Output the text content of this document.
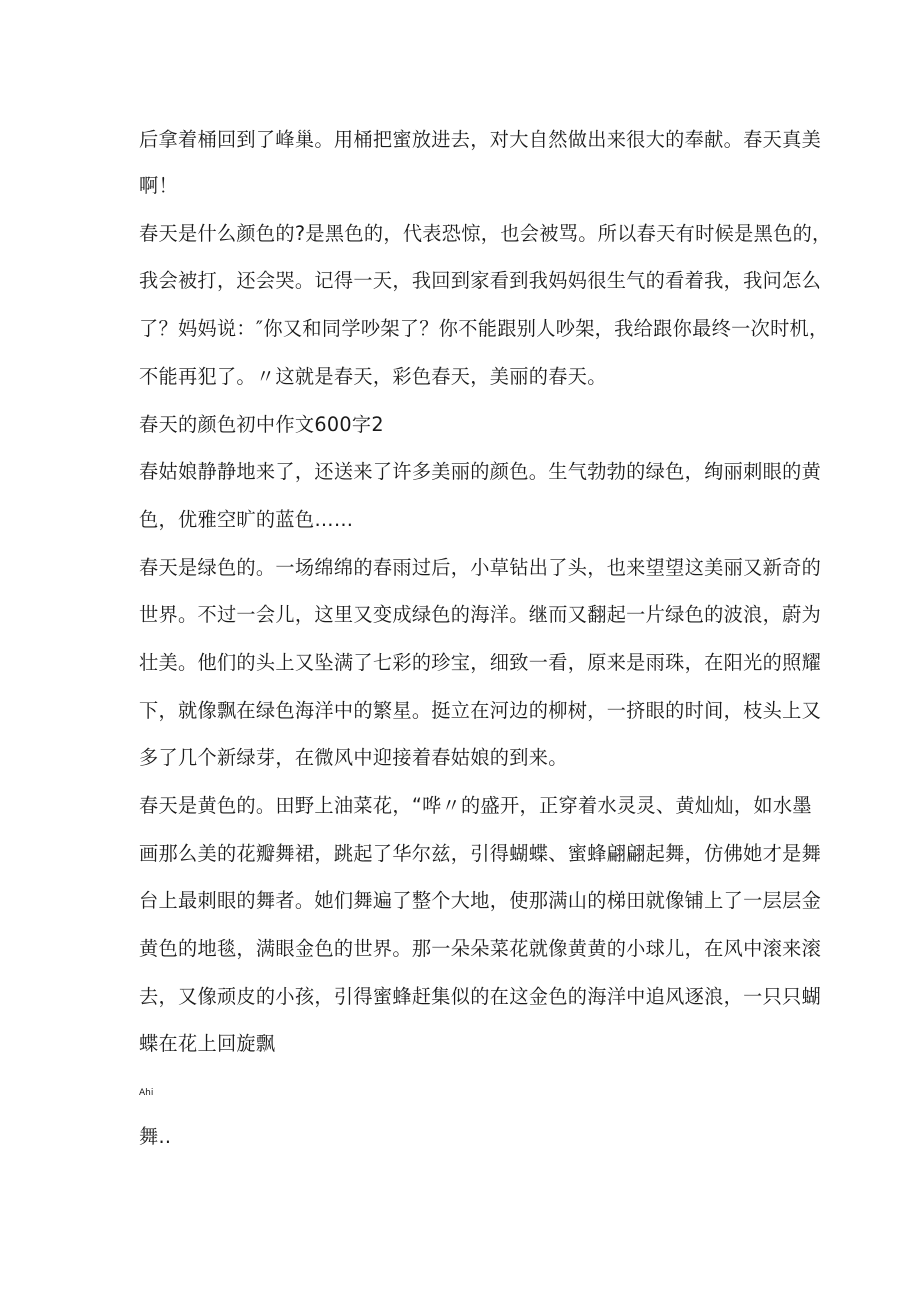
后拿着桶回到了峰巢。用桶把蜜放进去，对大自然做出来很大的奉献。春天真美
啊！
春天是什么颜色的?是黑色的，代表恐惊，也会被骂。所以春天有时候是黑色的，
我会被打，还会哭。记得一天，我回到家看到我妈妈很生气的看着我，我问怎么
了？妈妈说：″你又和同学吵架了？你不能跟别人吵架，我给跟你最终一次时机，
不能再犯了。〃这就是春天，彩色春天，美丽的春天。
春天的颜色初中作文600字2
春姑娘静静地来了，还送来了许多美丽的颜色。生气勃勃的绿色，绚丽刺眼的黄
色，优雅空旷的蓝色……
春天是绿色的。一场绵绵的春雨过后，小草钻出了头，也来望望这美丽又新奇的
世界。不过一会儿，这里又变成绿色的海洋。继而又翻起一片绿色的波浪，蔚为
壮美。他们的头上又坠满了七彩的珍宝，细致一看，原来是雨珠，在阳光的照耀
下，就像飘在绿色海洋中的繁星。挺立在河边的柳树，一挤眼的时间，枝头上又
多了几个新绿芽，在微风中迎接着春姑娘的到来。
春天是黄色的。田野上油菜花，“哗〃的盛开，正穿着水灵灵、黄灿灿，如水墨
画那么美的花瓣舞裙，跳起了华尔兹，引得蝴蝶、蜜蜂翩翩起舞，仿佛她才是舞
台上最刺眼的舞者。她们舞遍了整个大地，使那满山的梯田就像铺上了一层层金
黄色的地毯，满眼金色的世界。那一朵朵菜花就像黄黄的小球儿，在风中滚来滚
去，又像顽皮的小孩，引得蜜蜂赶集似的在这金色的海洋中追风逐浪，一只只蝴
蝶在花上回旋飘
Ahi
舞..
